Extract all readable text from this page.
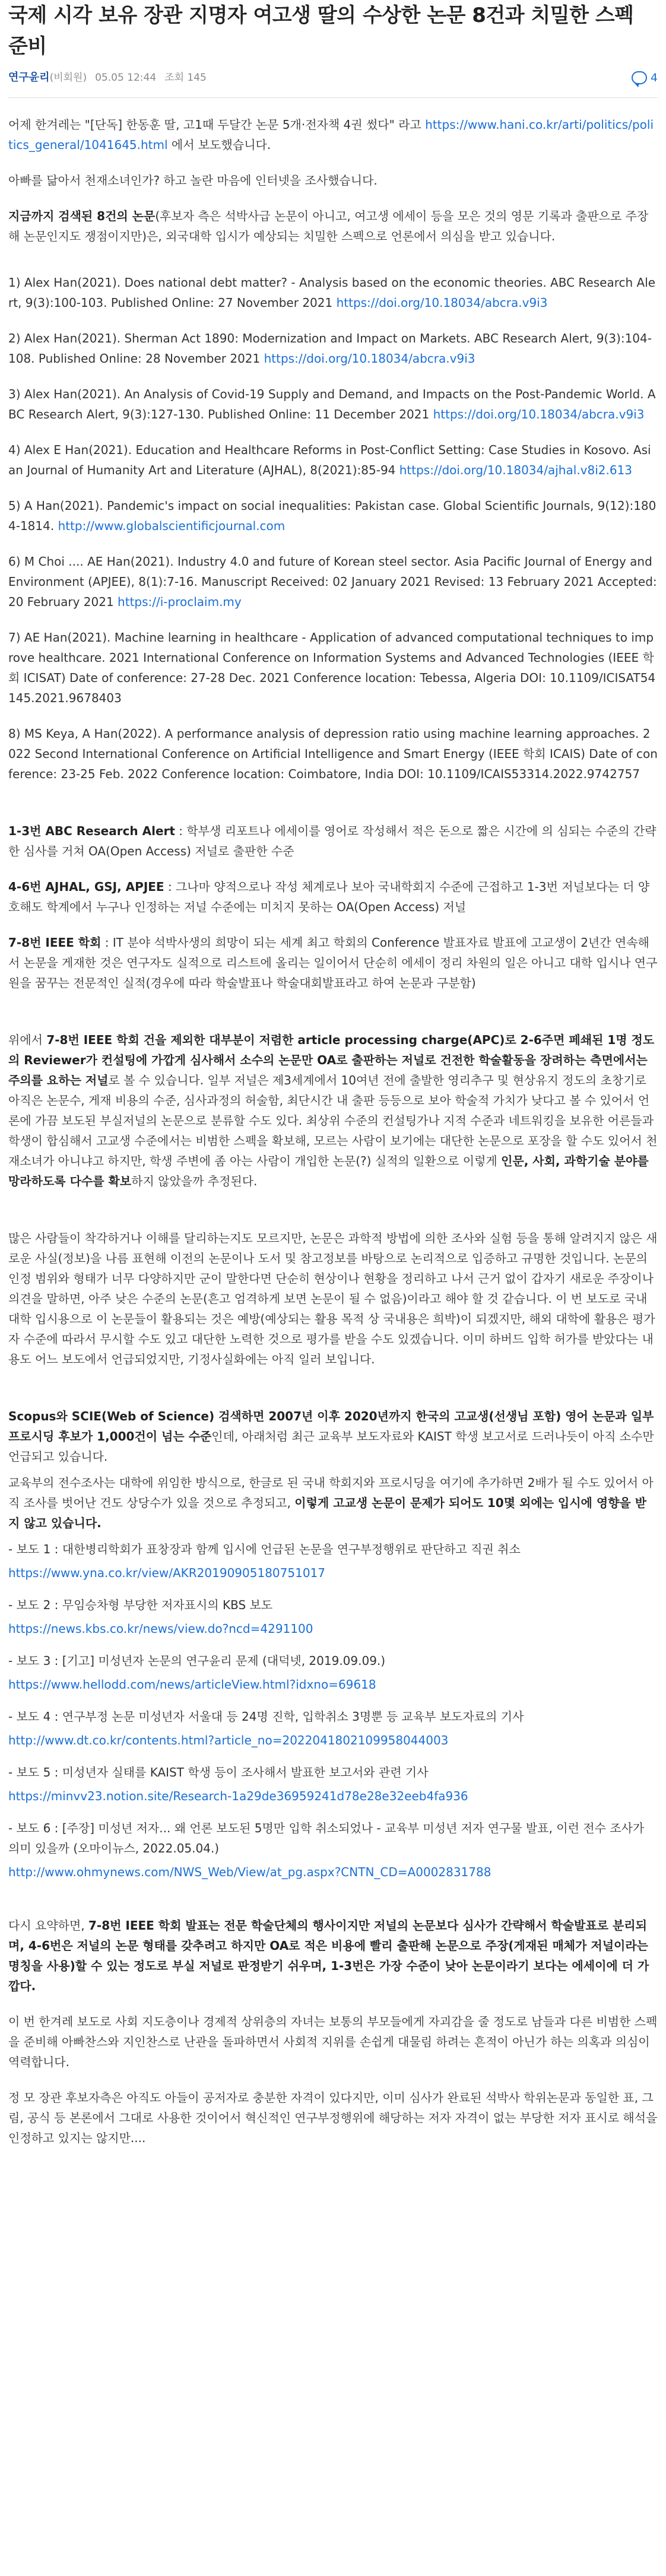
국제 시각 보유 장관 지명자 여고생 딸의 수상한 논문 8건과 치밀한 스펙 준비
연구윤리(비회원) 05.05 12:44 조회 145	4

어제 한겨레는 "[단독] 한동훈 딸, 고1때 두달간 논문 5개·전자책 4권 썼다" 라고 https://www.hani.co.kr/arti/politics/politics_general/1041645.html 에서 보도했습니다.

아빠를 닮아서 천재소녀인가? 하고 놀란 마음에 인터넷을 조사했습니다.

지금까지 검색된 8건의 논문(후보자 측은 석박사급 논문이 아니고, 여고생 에세이 등을 모은 것의 영문 기록과 출판으로 주장해 논문인지도 쟁점이지만)은, 외국대학 입시가 예상되는 치밀한 스펙으로 언론에서 의심을 받고 있습니다.

1) Alex Han(2021). Does national debt matter? - Analysis based on the economic theories. ABC Research Alert, 9(3):100-103. Published Online: 27 November 2021 https://doi.org/10.18034/abcra.v9i3

2) Alex Han(2021). Sherman Act 1890: Modernization and Impact on Markets. ABC Research Alert, 9(3):104-108. Published Online: 28 November 2021 https://doi.org/10.18034/abcra.v9i3

3) Alex Han(2021). An Analysis of Covid-19 Supply and Demand, and Impacts on the Post-Pandemic World. ABC Research Alert, 9(3):127-130. Published Online: 11 December 2021 https://doi.org/10.18034/abcra.v9i3

4) Alex E Han(2021). Education and Healthcare Reforms in Post-Conflict Setting: Case Studies in Kosovo. Asian Journal of Humanity Art and Literature (AJHAL), 8(2021):85-94 https://doi.org/10.18034/ajhal.v8i2.613

5) A Han(2021). Pandemic's impact on social inequalities: Pakistan case. Global Scientific Journals, 9(12):1804-1814. http://www.globalscientificjournal.com

6) M Choi .... AE Han(2021). Industry 4.0 and future of Korean steel sector. Asia Pacific Journal of Energy and Environment (APJEE), 8(1):7-16. Manuscript Received: 02 January 2021 Revised: 13 February 2021 Accepted: 20 February 2021 https://i-proclaim.my

7) AE Han(2021). Machine learning in healthcare - Application of advanced computational techniques to improve healthcare. 2021 International Conference on Information Systems and Advanced Technologies (IEEE 학회 ICISAT) Date of conference: 27-28 Dec. 2021 Conference location: Tebessa, Algeria DOI: 10.1109/ICISAT54145.2021.9678403

8) MS Keya, A Han(2022). A performance analysis of depression ratio using machine learning approaches. 2022 Second International Conference on Artificial Intelligence and Smart Energy (IEEE 학회 ICAIS) Date of conference: 23-25 Feb. 2022 Conference location: Coimbatore, India DOI: 10.1109/ICAIS53314.2022.9742757

1-3번 ABC Research Alert : 학부생 리포트나 에세이를 영어로 작성해서 적은 돈으로 짧은 시간에 의 심되는 수준의 간략한 심사를 거쳐 OA(Open Access) 저널로 출판한 수준

4-6번 AJHAL, GSJ, APJEE : 그나마 양적으로나 작성 체계로나 보아 국내학회지 수준에 근접하고 1-3번 저널보다는 더 양호해도 학계에서 누구나 인정하는 저널 수준에는 미치지 못하는 OA(Open Access) 저널

7-8번 IEEE 학회 : IT 분야 석박사생의 희망이 되는 세계 최고 학회의 Conference 발표자료 발표에 고교생이 2년간 연속해서 논문을 게재한 것은 연구자도 실적으로 리스트에 올리는 일이어서 단순히 에세이 정리 차원의 일은 아니고 대학 입시나 연구원을 꿈꾸는 전문적인 실적(경우에 따라 학술발표나 학술대회발표라고 하여 논문과 구분함)

위에서 7-8번 IEEE 학회 건을 제외한 대부분이 저렴한 article processing charge(APC)로 2-6주면 페쇄된 1명 정도의 Reviewer가 컨설팅에 가깝게 심사해서 소수의 논문만 OA로 출판하는 저널로 건전한 학술활동을 장려하는 측면에서는 주의를 요하는 저널로 볼 수 있습니다. 일부 저널은 제3세계에서 10여년 전에 출발한 영리추구 및 현상유지 정도의 초창기로 아직은 논문수, 게재 비용의 수준, 심사과정의 허술함, 최단시간 내 출판 등등으로 보아 학술적 가치가 낮다고 볼 수 있어서 언론에 가끔 보도된 부실저널의 논문으로 분류할 수도 있다. 최상위 수준의 컨설팅가나 지적 수준과 네트워킹을 보유한 어른들과 학생이 합심해서 고교생 수준에서는 비범한 스펙을 확보해, 모르는 사람이 보기에는 대단한 논문으로 포장을 할 수도 있어서 천재소녀가 아니냐고 하지만, 학생 주변에 좀 아는 사람이 개입한 논문(?) 실적의 일환으로 이렇게 인문, 사회, 과학기술 분야를 망라하도록 다수를 확보하지 않았을까 추정된다.

많은 사람들이 착각하거나 이해를 달리하는지도 모르지만, 논문은 과학적 방법에 의한 조사와 실험 등을 통해 알려지지 않은 새로운 사실(정보)을 나름 표현해 이전의 논문이나 도서 및 참고정보를 바탕으로 논리적으로 입증하고 규명한 것입니다. 논문의 인정 범위와 형태가 너무 다양하지만 군이 말한다면 단순히 현상이나 현황을 정리하고 나서 근거 없이 갑자기 새로운 주장이나 의견을 말하면, 아주 낮은 수준의 논문(흔고 엄격하게 보면 논문이 될 수 없음)이라고 해야 할 것 같습니다. 이 번 보도로 국내 대학 입시용으로 이 논문들이 활용되는 것은 예방(예상되는 활용 목적 상 국내용은 희박)이 되겠지만, 해외 대학에 활용은 평가자 수준에 따라서 무시할 수도 있고 대단한 노력한 것으로 평가를 받을 수도 있겠습니다. 이미 하버드 입학 허가를 받았다는 내용도 어느 보도에서 언급되었지만, 기정사실화에는 아직 일러 보입니다.

Scopus와 SCIE(Web of Science) 검색하면 2007년 이후 2020년까지 한국의 고교생(선생님 포함) 영어 논문과 일부 프로시딩 후보가 1,000건이 넘는 수준인데, 아래처럼 최근 교육부 보도자료와 KAIST 학생 보고서로 드러나듯이 아직 소수만 언급되고 있습니다.

교육부의 전수조사는 대학에 위임한 방식으로, 한글로 된 국내 학회지와 프로시딩을 여기에 추가하면 2배가 될 수도 있어서 아직 조사를 벗어난 건도 상당수가 있을 것으로 추정되고, 이렇게 고교생 논문이 문제가 되어도 10몇 외에는 입시에 영향을 받지 않고 있습니다.

- 보도 1 : 대한병리학회가 표창장과 함께 입시에 언급된 논문을 연구부정행위로 판단하고 직권 취소

https://www.yna.co.kr/view/AKR20190905180751017

- 보도 2 : 무임승차형 부당한 저자표시의 KBS 보도

https://news.kbs.co.kr/news/view.do?ncd=4291100

- 보도 3 : [기고] 미성년자 논문의 연구윤리 문제 (대덕넷, 2019.09.09.)

https://www.hellodd.com/news/articleView.html?idxno=69618

- 보도 4 : 연구부정 논문 미성년자 서울대 등 24명 진학, 입학취소 3명뿐 등 교육부 보도자료의 기사

http://www.dt.co.kr/contents.html?article_no=2022041802109958044003

- 보도 5 : 미성년자 실태를 KAIST 학생 등이 조사해서 발표한 보고서와 관련 기사

https://minvv23.notion.site/Research-1a29de36959241d78e28e32eeb4fa936

- 보도 6 : [주장] 미성년 저자... 왜 언론 보도된 5명만 입학 취소되었나 - 교육부 미성년 저자 연구물 발표, 이런 전수 조사가 의미 있을까 (오마이뉴스, 2022.05.04.)

http://www.ohmynews.com/NWS_Web/View/at_pg.aspx?CNTN_CD=A0002831788

다시 요약하면, 7-8번 IEEE 학회 발표는 전문 학술단체의 행사이지만 저널의 논문보다 심사가 간략해서 학술발표로 분리되며, 4-6번은 저널의 논문 형태를 갖추려고 하지만 OA로 적은 비용에 빨리 출판해 논문으로 주장(게재된 매체가 저널이라는 명칭을 사용)할 수 있는 정도로 부실 저널로 판정받기 쉬우며, 1-3번은 가장 수준이 낮아 논문이라기 보다는 에세이에 더 가깝다.

이 번 한겨레 보도로 사회 지도층이나 경제적 상위층의 자녀는 보통의 부모들에게 자괴감을 줄 정도로 남들과 다른 비범한 스펙을 준비해 아빠찬스와 지인찬스로 난관을 돌파하면서 사회적 지위를 손쉽게 대물림 하려는 흔적이 아닌가 하는 의혹과 의심이 역력합니다.

정 모 장관 후보자측은 아직도 아들이 공저자로 충분한 자격이 있다지만, 이미 심사가 완료된 석박사 학위논문과 동일한 표, 그림, 공식 등 본론에서 그대로 사용한 것이어서 혁신적인 연구부정행위에 해당하는 저자 자격이 없는 부당한 저자 표시로 해석을 인정하고 있지는 않지만....
